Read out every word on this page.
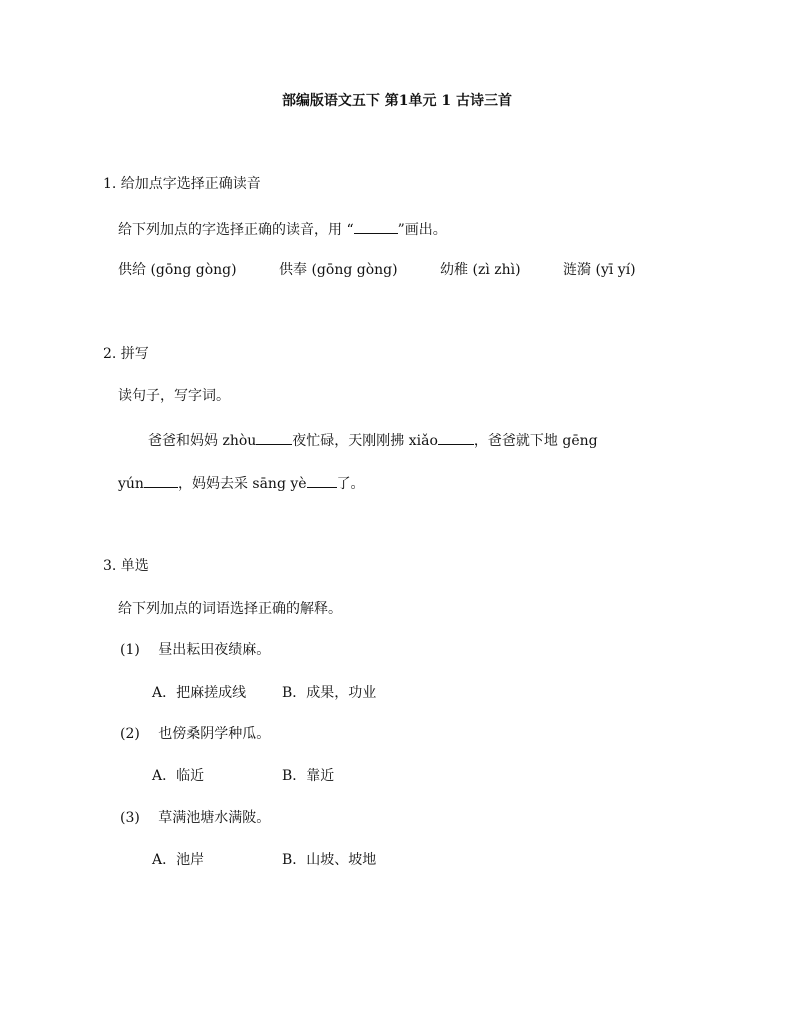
部编版语文五下 第1单元 1 古诗三首
1. 给加点字选择正确读音
给下列加点的字选择正确的读音，用 “	”画出。
供给 (gōng gòng)	供奉 (gōng gòng)	幼稚 (zì zhì)	涟漪 (yī yí)
2. 拼写
读句子，写字词。
爸爸和妈妈 zhòu	夜忙碌，天刚刚拂 xiǎo	，爸爸就下地 gēng
yún ，妈妈去采 sāng yè 了。
3. 单选
给下列加点的词语选择正确的解释。
(1) 昼出耘田夜绩麻。
A．把麻搓成线	B．成果，功业
(2) 也傍桑阴学种瓜。
A．临近	B．靠近
(3) 草满池塘水满陂。
A．池岸	B．山坡、坡地
